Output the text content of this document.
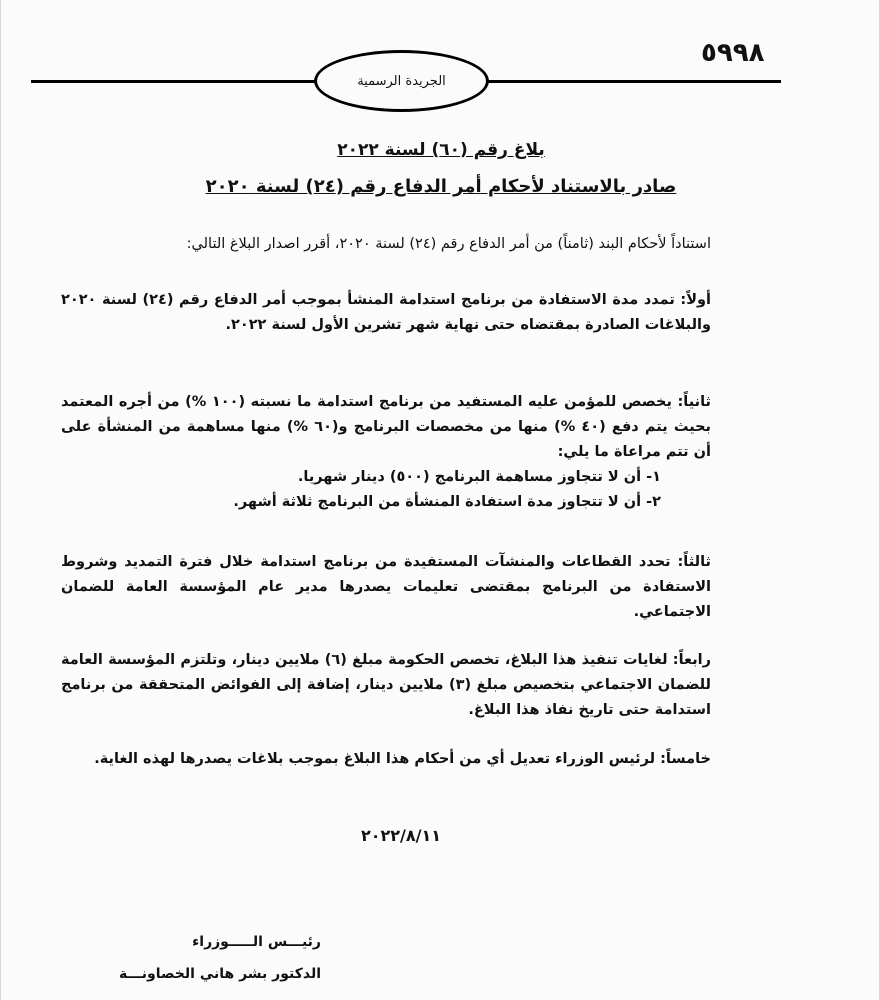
٥٩٩٨
الجريدة الرسمية
بلاغ رقم (٦٠) لسنة ٢٠٢٢
صادر بالاستناد لأحكام أمر الدفاع رقم (٢٤) لسنة ٢٠٢٠
استناداً لأحكام البند (ثامناً) من أمر الدفاع رقم (٢٤) لسنة ٢٠٢٠، أقرر اصدار البلاغ التالي:
أولاً: تمدد مدة الاستفادة من برنامج استدامة المنشأ بموجب أمر الدفاع رقم (٢٤) لسنة ٢٠٢٠ والبلاغات الصادرة بمقتضاه حتى نهاية شهر تشرين الأول لسنة ٢٠٢٢.
ثانياً: يخصص للمؤمن عليه المستفيد من برنامج استدامة ما نسبته (١٠٠ %) من أجره المعتمد بحيث يتم دفع (٤٠ %) منها من مخصصات البرنامج و(٦٠ %) منها مساهمة من المنشأة على أن تتم مراعاة ما يلي:
١- أن لا تتجاوز مساهمة البرنامج (٥٠٠) دينار شهريا.
٢- أن لا تتجاوز مدة استفادة المنشأة من البرنامج ثلاثة أشهر.
ثالثاً: تحدد القطاعات والمنشآت المستفيدة من برنامج استدامة خلال فترة التمديد وشروط الاستفادة من البرنامج بمقتضى تعليمات يصدرها مدير عام المؤسسة العامة للضمان الاجتماعي.
رابعاً: لغايات تنفيذ هذا البلاغ، تخصص الحكومة مبلغ (٦) ملايين دينار، وتلتزم المؤسسة العامة للضمان الاجتماعي بتخصيص مبلغ (٣) ملايين دينار، إضافة إلى الفوائض المتحققة من برنامج استدامة حتى تاريخ نفاذ هذا البلاغ.
خامساً: لرئيس الوزراء تعديل أي من أحكام هذا البلاغ بموجب بلاغات يصدرها لهذه الغاية.
٢٠٢٢/٨/١١
رئيـــس الـــــوزراء
الدكتور بشر هاني الخصاونـــة
